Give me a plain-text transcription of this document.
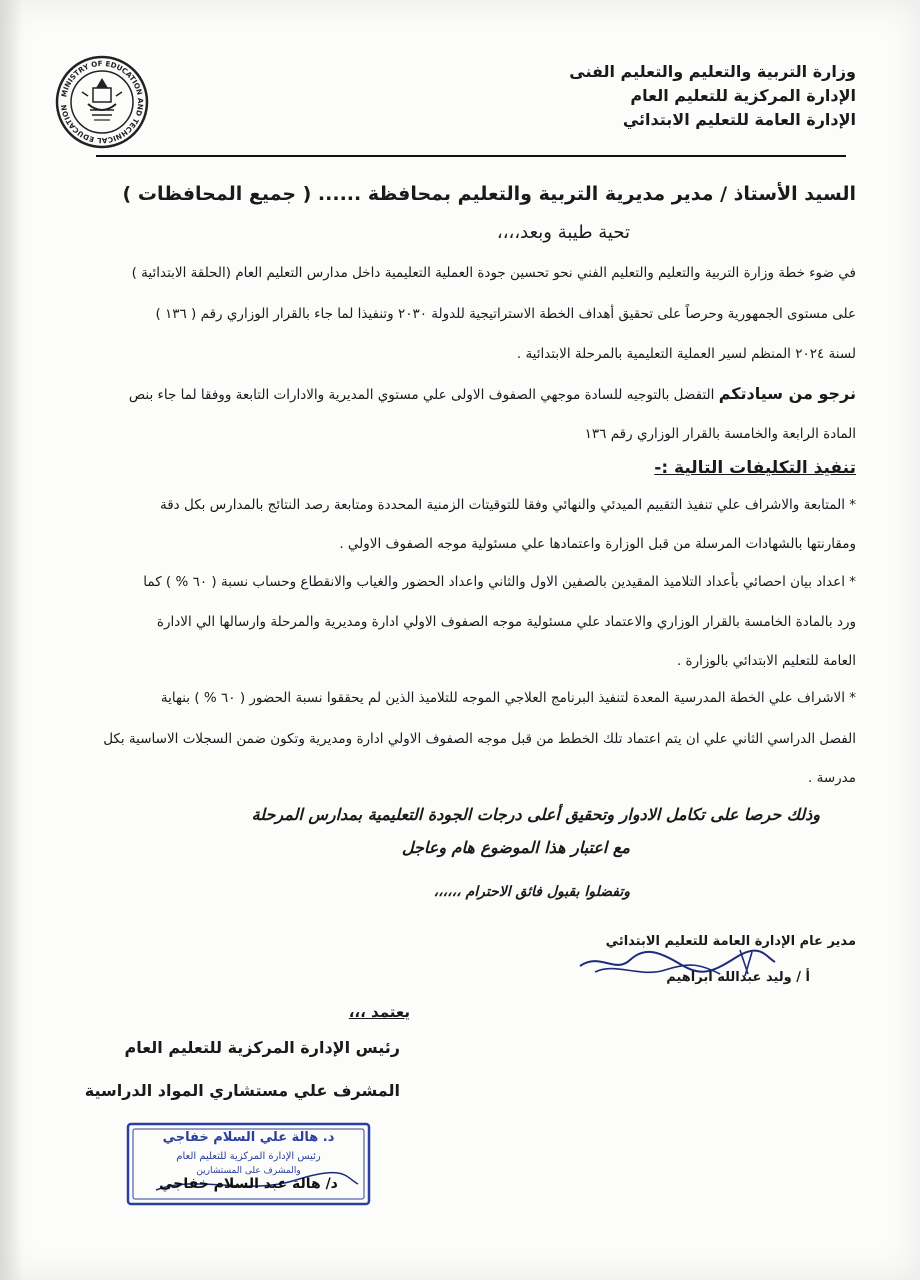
MINISTRY OF EDUCATION AND TECHNICAL EDUCATION
وزارة التربية والتعليم والتعليم الفنى
الإدارة المركزية للتعليم العام
الإدارة العامة للتعليم الابتدائي
السيد الأستاذ / مدير مديرية التربية والتعليم بمحافظة ...... ( جميع المحافظات )
تحية طيبة وبعد،،،،
في ضوء خطة وزارة التربية والتعليم والتعليم الفني نحو تحسين جودة العملية التعليمية داخل مدارس التعليم العام (الحلقة الابتدائية )
على مستوى الجمهورية وحرصاً على تحقيق أهداف الخطة الاستراتيجية للدولة ٢٠٣٠ وتنفيذا لما جاء بالقرار الوزاري رقم ( ١٣٦ )
لسنة ٢٠٢٤ المنظم لسير العملية التعليمية بالمرحلة الابتدائية .
نرجو من سيادتكم التفضل بالتوجيه للسادة موجهي الصفوف الاولى علي مستوي المديرية والادارات التابعة ووفقا لما جاء بنص
المادة الرابعة والخامسة بالقرار الوزاري رقم ١٣٦
تنفيذ التكليفات التالية :-
* المتابعة والاشراف علي تنفيذ التقييم الميدئي والنهائي وفقا للتوقيتات الزمنية المحددة ومتابعة رصد النتائج بالمدارس بكل دقة
ومقارنتها بالشهادات المرسلة من قبل الوزارة واعتمادها علي مسئولية موجه الصفوف الاولي .
* اعداد بيان احصائي بأعداد التلاميذ المقيدين بالصفين الاول والثاني واعداد الحضور والغياب والانقطاع وحساب نسبة ( ٦٠ % ) كما
ورد بالمادة الخامسة بالقرار الوزاري والاعتماد علي مسئولية موجه الصفوف الاولي ادارة ومديرية والمرحلة وارسالها الي الادارة
العامة للتعليم الابتدائي بالوزارة .
* الاشراف علي الخطة المدرسية المعدة لتنفيذ البرنامج العلاجي الموجه للتلاميذ الذين لم يحققوا نسبة الحضور ( ٦٠ % ) بنهاية
الفصل الدراسي الثاني علي ان يتم اعتماد تلك الخطط من قبل موجه الصفوف الاولي ادارة ومديرية وتكون ضمن السجلات الاساسية بكل
مدرسة .
وذلك حرصا على تكامل الادوار وتحقيق أعلى درجات الجودة التعليمية بمدارس المرحلة
مع اعتبار هذا الموضوع هام وعاجل
وتفضلوا بقبول فائق الاحترام ،،،،،،
مدير عام الإدارة العامة للتعليم الابتدائي
أ / وليد عبدالله ابراهيم
يعتمد ،،،
رئيس الإدارة المركزية للتعليم العام
المشرف علي مستشاري المواد الدراسية
د. هالة علي السلام خفاجي
رئيس الإدارة المركزية للتعليم العام
والمشرف على المستشارين
د/ هالة عبد السلام خفاجي
